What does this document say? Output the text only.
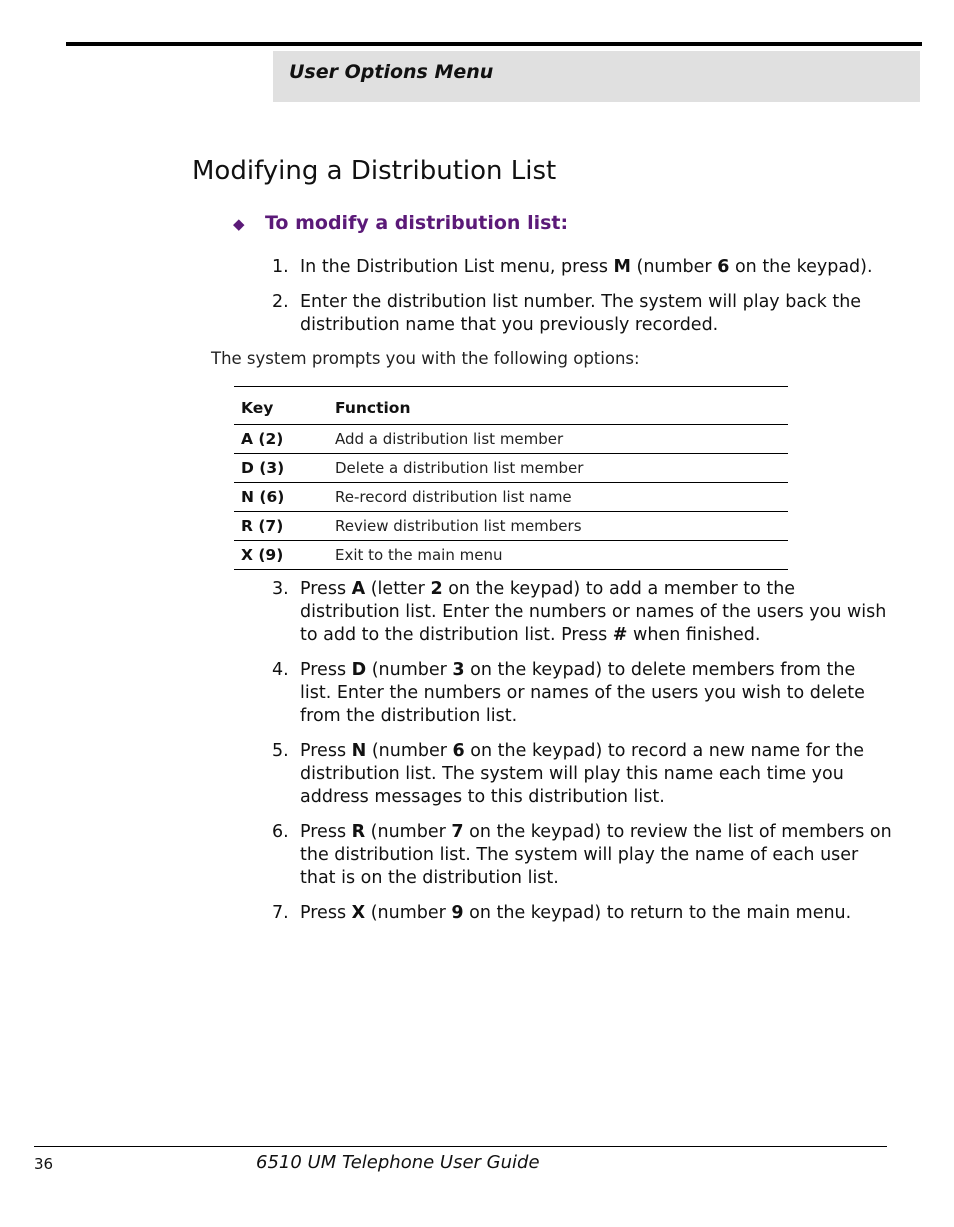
User Options Menu
Modifying a Distribution List
◆ To modify a distribution list:
1. In the Distribution List menu, press M (number 6 on the keypad).
2. Enter the distribution list number. The system will play back the distribution name that you previously recorded.
The system prompts you with the following options:
Key	Function
A (2)	Add a distribution list member
D (3)	Delete a distribution list member
N (6)	Re-record distribution list name
R (7)	Review distribution list members
X (9)	Exit to the main menu
3. Press A (letter 2 on the keypad) to add a member to the distribution list. Enter the numbers or names of the users you wish to add to the distribution list. Press # when finished.
4. Press D (number 3 on the keypad) to delete members from the list. Enter the numbers or names of the users you wish to delete from the distribution list.
5. Press N (number 6 on the keypad) to record a new name for the distribution list. The system will play this name each time you address messages to this distribution list.
6. Press R (number 7 on the keypad) to review the list of members on the distribution list. The system will play the name of each user that is on the distribution list.
7. Press X (number 9 on the keypad) to return to the main menu.
36	6510 UM Telephone User Guide
